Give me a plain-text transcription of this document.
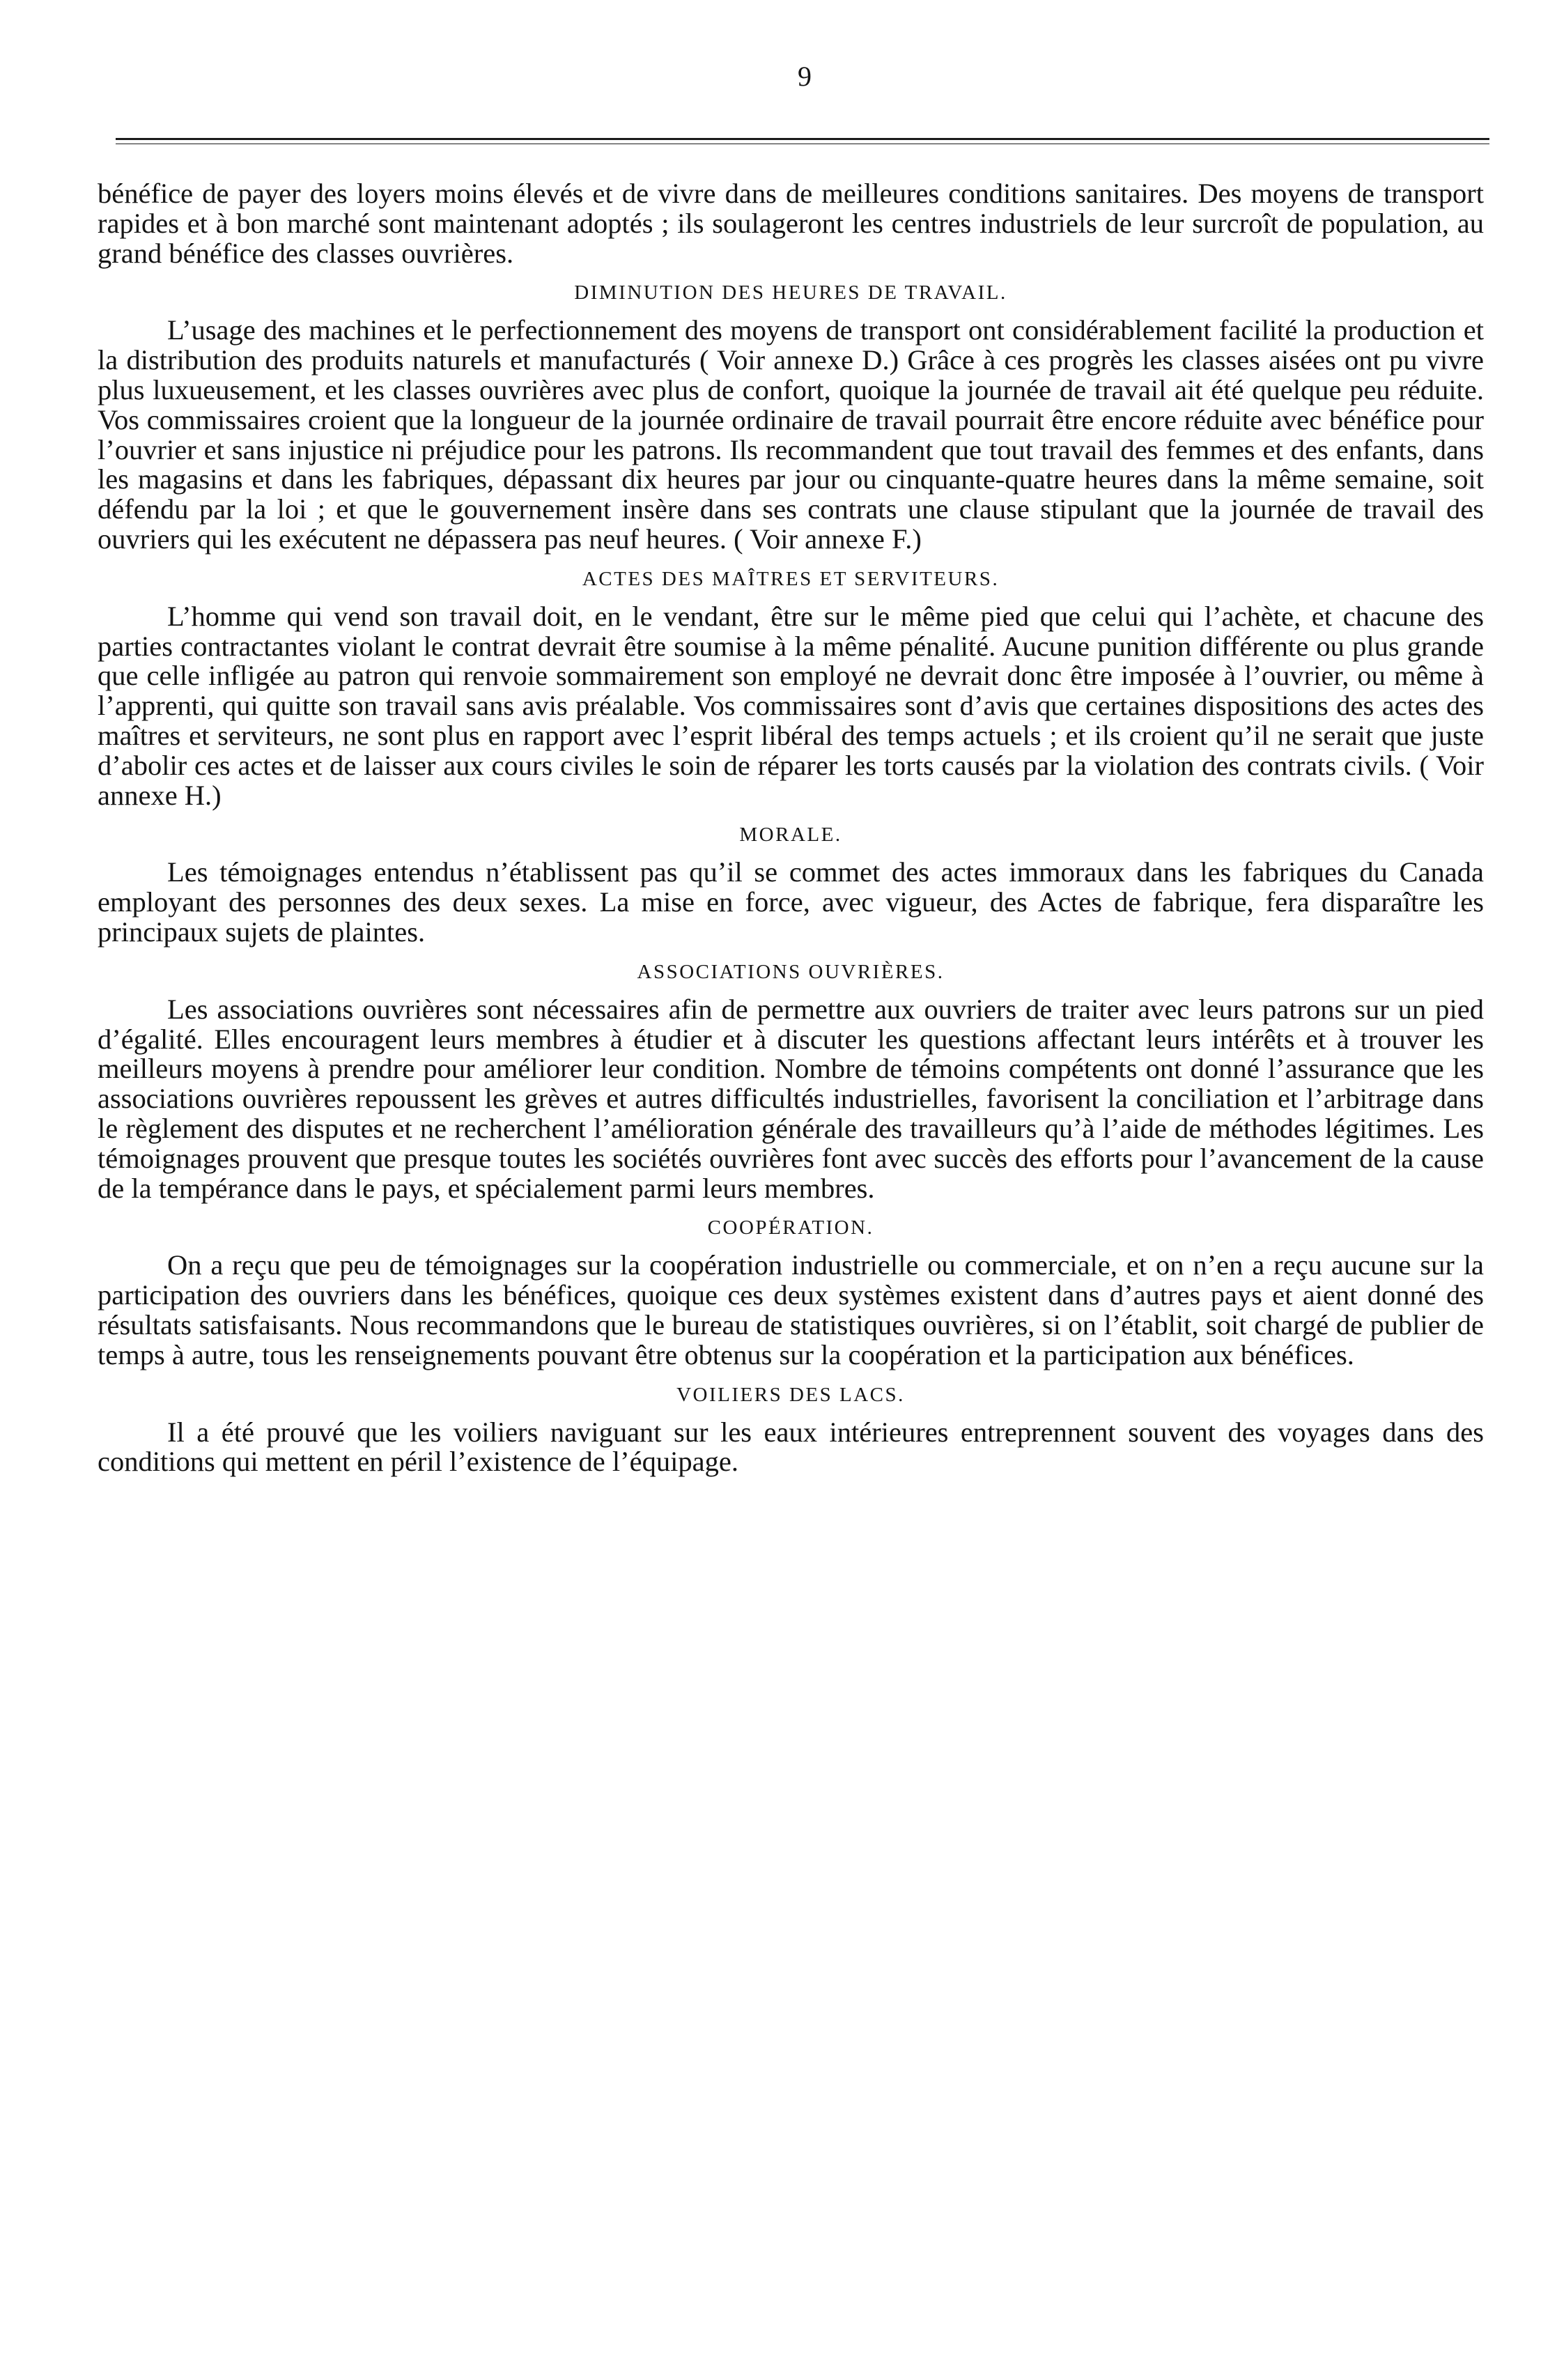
9

bénéfice de payer des loyers moins élevés et de vivre dans de meilleures conditions sanitaires. Des moyens de transport rapides et à bon marché sont maintenant adoptés ; ils soulageront les centres industriels de leur surcroît de population, au grand bénéfice des classes ouvrières.

DIMINUTION DES HEURES DE TRAVAIL.

L’usage des machines et le perfectionnement des moyens de transport ont considérablement facilité la production et la distribution des produits naturels et manufacturés ( Voir annexe D.) Grâce à ces progrès les classes aisées ont pu vivre plus luxueusement, et les classes ouvrières avec plus de confort, quoique la journée de travail ait été quelque peu réduite. Vos commissaires croient que la longueur de la journée ordinaire de travail pourrait être encore réduite avec bénéfice pour l’ouvrier et sans injustice ni préjudice pour les patrons. Ils recommandent que tout travail des femmes et des enfants, dans les magasins et dans les fabriques, dépassant dix heures par jour ou cinquante-quatre heures dans la même semaine, soit défendu par la loi ; et que le gouvernement insère dans ses contrats une clause stipulant que la journée de travail des ouvriers qui les exécutent ne dépassera pas neuf heures. ( Voir annexe F.)

ACTES DES MAÎTRES ET SERVITEURS.

L’homme qui vend son travail doit, en le vendant, être sur le même pied que celui qui l’achète, et chacune des parties contractantes violant le contrat devrait être soumise à la même pénalité. Aucune punition différente ou plus grande que celle infligée au patron qui renvoie sommairement son employé ne devrait donc être imposée à l’ouvrier, ou même à l’apprenti, qui quitte son travail sans avis préalable. Vos commissaires sont d’avis que certaines dispositions des actes des maîtres et serviteurs, ne sont plus en rapport avec l’esprit libéral des temps actuels ; et ils croient qu’il ne serait que juste d’abolir ces actes et de laisser aux cours civiles le soin de réparer les torts causés par la violation des contrats civils. ( Voir annexe H.)

MORALE.

Les témoignages entendus n’établissent pas qu’il se commet des actes immoraux dans les fabriques du Canada employant des personnes des deux sexes. La mise en force, avec vigueur, des Actes de fabrique, fera disparaître les principaux sujets de plaintes.

ASSOCIATIONS OUVRIÈRES.

Les associations ouvrières sont nécessaires afin de permettre aux ouvriers de traiter avec leurs patrons sur un pied d’égalité. Elles encouragent leurs membres à étudier et à discuter les questions affectant leurs intérêts et à trouver les meilleurs moyens à prendre pour améliorer leur condition. Nombre de témoins compétents ont donné l’assurance que les associations ouvrières repoussent les grèves et autres difficultés industrielles, favorisent la conciliation et l’arbitrage dans le règlement des disputes et ne recherchent l’amélioration générale des travailleurs qu’à l’aide de méthodes légitimes. Les témoignages prouvent que presque toutes les sociétés ouvrières font avec succès des efforts pour l’avancement de la cause de la tempérance dans le pays, et spécialement parmi leurs membres.

COOPÉRATION.

On a reçu que peu de témoignages sur la coopération industrielle ou commerciale, et on n’en a reçu aucune sur la participation des ouvriers dans les bénéfices, quoique ces deux systèmes existent dans d’autres pays et aient donné des résultats satisfaisants. Nous recommandons que le bureau de statistiques ouvrières, si on l’établit, soit chargé de publier de temps à autre, tous les renseignements pouvant être obtenus sur la coopération et la participation aux bénéfices.

VOILIERS DES LACS.

Il a été prouvé que les voiliers naviguant sur les eaux intérieures entreprennent souvent des voyages dans des conditions qui mettent en péril l’existence de l’équipage.
